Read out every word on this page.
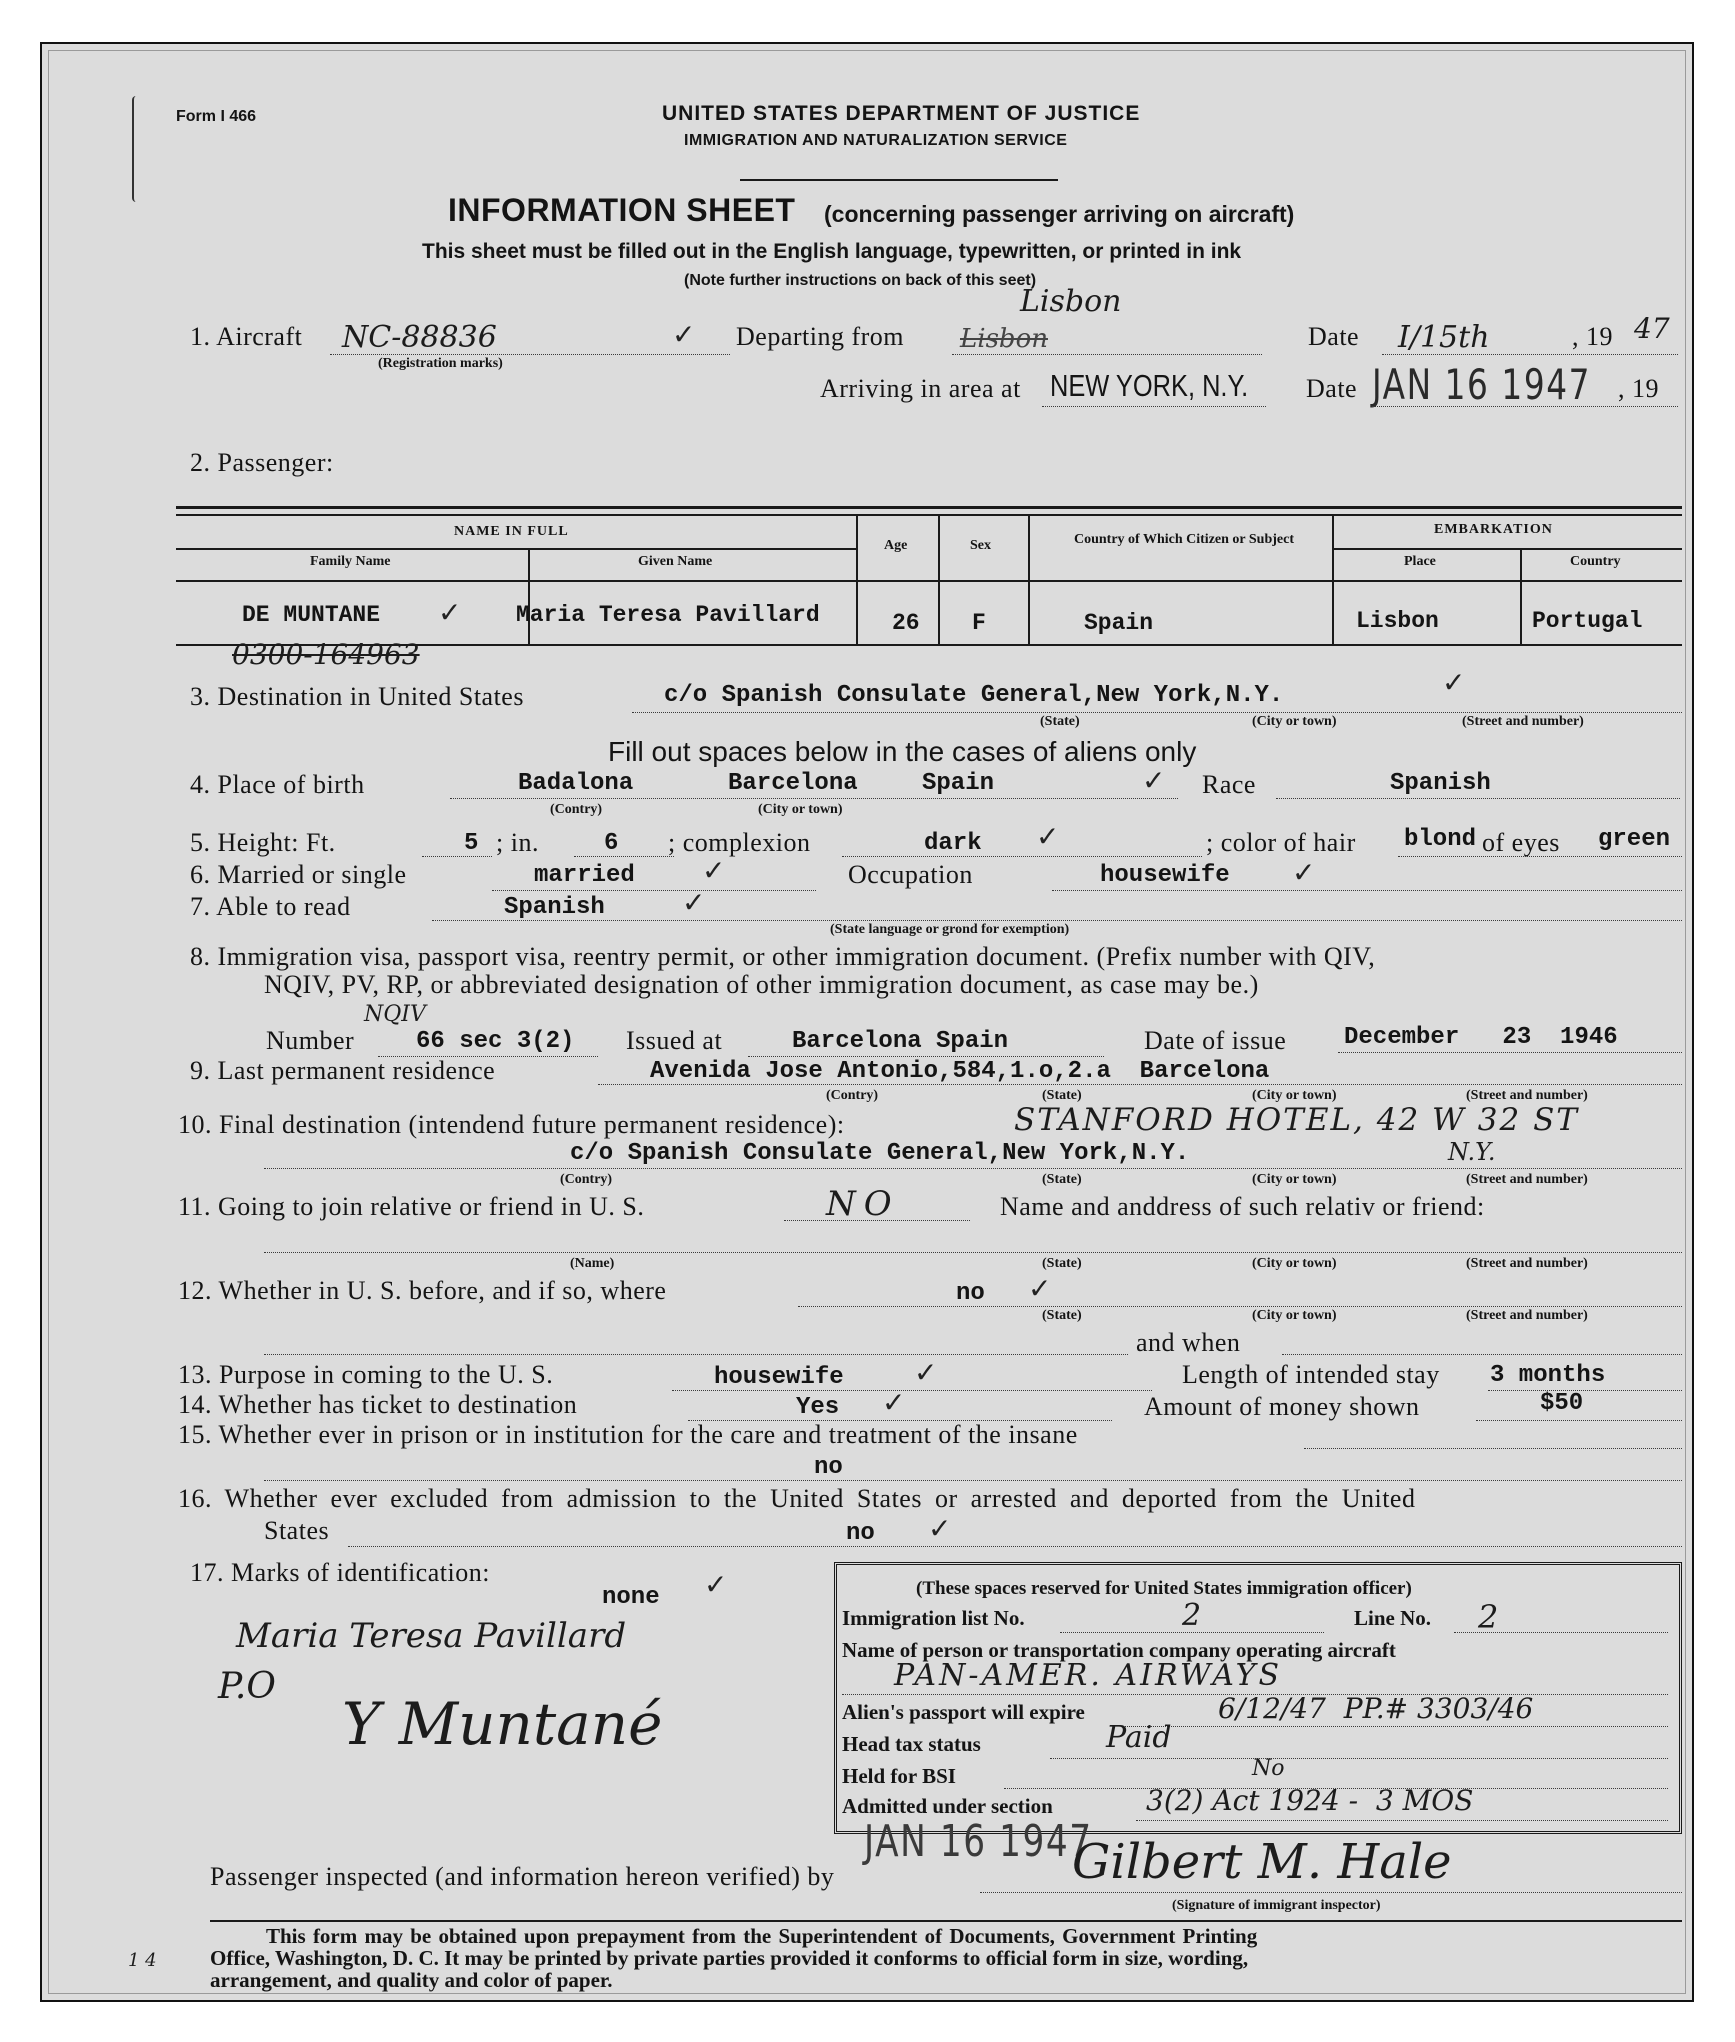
Form I 466	UNITED STATES DEPARTMENT OF JUSTICE
IMMIGRATION AND NATURALIZATION SERVICE
INFORMATION SHEET (concerning passenger arriving on aircraft)
This sheet must be filled out in the English language, typewritten, or printed in ink
(Note further instructions on back of this seet)
1. Aircraft NC-88836	✓
(Registration marks)
Departing from Lisbon
Lisbon
Date I/15th	, 19 47
Arriving in area at NEW YORK, N.Y. Date JAN 16 1947 , 19
2. Passenger:
NAME IN FULL
Family Name	Given Name
Age	Sex	Country of Which Citizen or Subject
EMBARKATION
Place	Country
DE MUNTANE ✓ Maria Teresa Pavillard	26 F	Spain	Lisbon	Portugal
0300-164963
3. Destination in United States	c/o Spanish Consulate General,New York,N.Y.	✓
(State)	(City or town)	(Street and number)
Fill out spaces below in the cases of aliens only
4. Place of birth	Badalona	Barcelona	Spain	✓
(Contry)	(City or town)
Race	Spanish
5. Height: Ft.	5 ; in.	6 ; complexion	dark ✓	; color of hair blond of eyes green
6. Married or single	married ✓	Occupation	housewife ✓
7. Able to read	Spanish	✓
(State language or grond for exemption)
8. Immigration visa, passport visa, reentry permit, or other immigration document. (Prefix number with QIV,
NQIV, PV, RP, or abbreviated designation of other immigration document, as case may be.)
Number
NQIV
66 sec 3(2) Issued at	Barcelona Spain	Date of issue December   23  1946
9. Last permanent residence	Avenida Jose Antonio,584,1.o,2.a  Barcelona
(Contry)	(State)	(City or town)	(Street and number)
10. Final destination (intendend future permanent residence):	STANFORD HOTEL, 42 W 32 ST
c/o Spanish Consulate General,New York,N.Y.	N.Y.
(Contry)	(State)	(City or town)	(Street and number)
11. Going to join relative or friend in U. S.	NO	Name and anddress of such relativ or friend:
(Name)	(State)	(City or town)	(Street and number)
12. Whether in U. S. before, and if so, where	no ✓
(State)	(City or town)	(Street and number)
and when
13. Purpose in coming to the U. S.	housewife	✓	Length of intended stay 3 months
14. Whether has ticket to destination	Yes ✓	Amount of money shown	$50
15. Whether ever in prison or in institution for the care and treatment of the insane
no
16. Whether ever excluded from admission to the United States or arrested and deported from the United
States	no ✓
17. Marks of identification:
none ✓
Maria Teresa Pavillard
P.O
Y Muntané
(These spaces reserved for United States immigration officer)
Immigration list No.	2	Line No. 2
Name of person or transportation company operating aircraft
PAN-AMER. AIRWAYS
Alien's passport will expire	6/12/47  PP.# 3303/46
Head tax status	Paid
Held for BSI	No
Admitted under section	3(2) Act 1924 -  3 MOS
JAN 16 1947
Passenger inspected (and information hereon verified) by	Gilbert M. Hale
(Signature of immigrant inspector)
1 4
This form may be obtained upon prepayment from the Superintendent of Documents, Government Printing
Office, Washington, D. C. It may be printed by private parties provided it conforms to official form in size, wording,
arrangement, and quality and color of paper.
